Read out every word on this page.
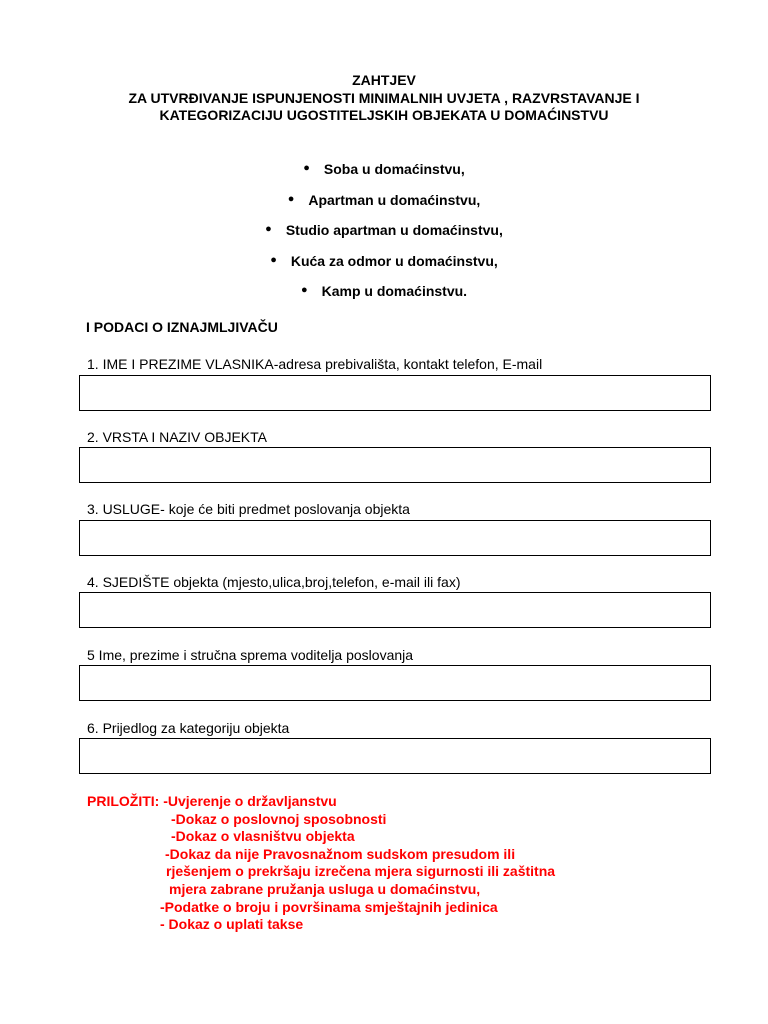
ZAHTJEV
ZA UTVRĐIVANJE ISPUNJENOSTI MINIMALNIH UVJETA , RAZVRSTAVANJE I
KATEGORIZACIJU UGOSTITELJSKIH OBJEKATA U DOMAĆINSTVU
● Soba u domaćinstvu,
● Apartman u domaćinstvu,
● Studio apartman u domaćinstvu,
● Kuća za odmor u domaćinstvu,
● Kamp u domaćinstvu.
I PODACI O IZNAJMLJIVAČU
1. IME I PREZIME VLASNIKA-adresa prebivališta, kontakt telefon, E-mail
2. VRSTA I NAZIV OBJEKTA
3. USLUGE- koje će biti predmet poslovanja objekta
4. SJEDIŠTE objekta (mjesto,ulica,broj,telefon, e-mail ili fax)
5 Ime, prezime i stručna sprema voditelja poslovanja
6. Prijedlog za kategoriju objekta
PRILOŽITI: -Uvjerenje o državljanstvu
-Dokaz o poslovnoj sposobnosti
-Dokaz o vlasništvu objekta
-Dokaz da nije Pravosnažnom sudskom presudom ili
rješenjem o prekršaju izrečena mjera sigurnosti ili zaštitna
mjera zabrane pružanja usluga u domaćinstvu,
-Podatke o broju i površinama smještajnih jedinica
- Dokaz o uplati takse
